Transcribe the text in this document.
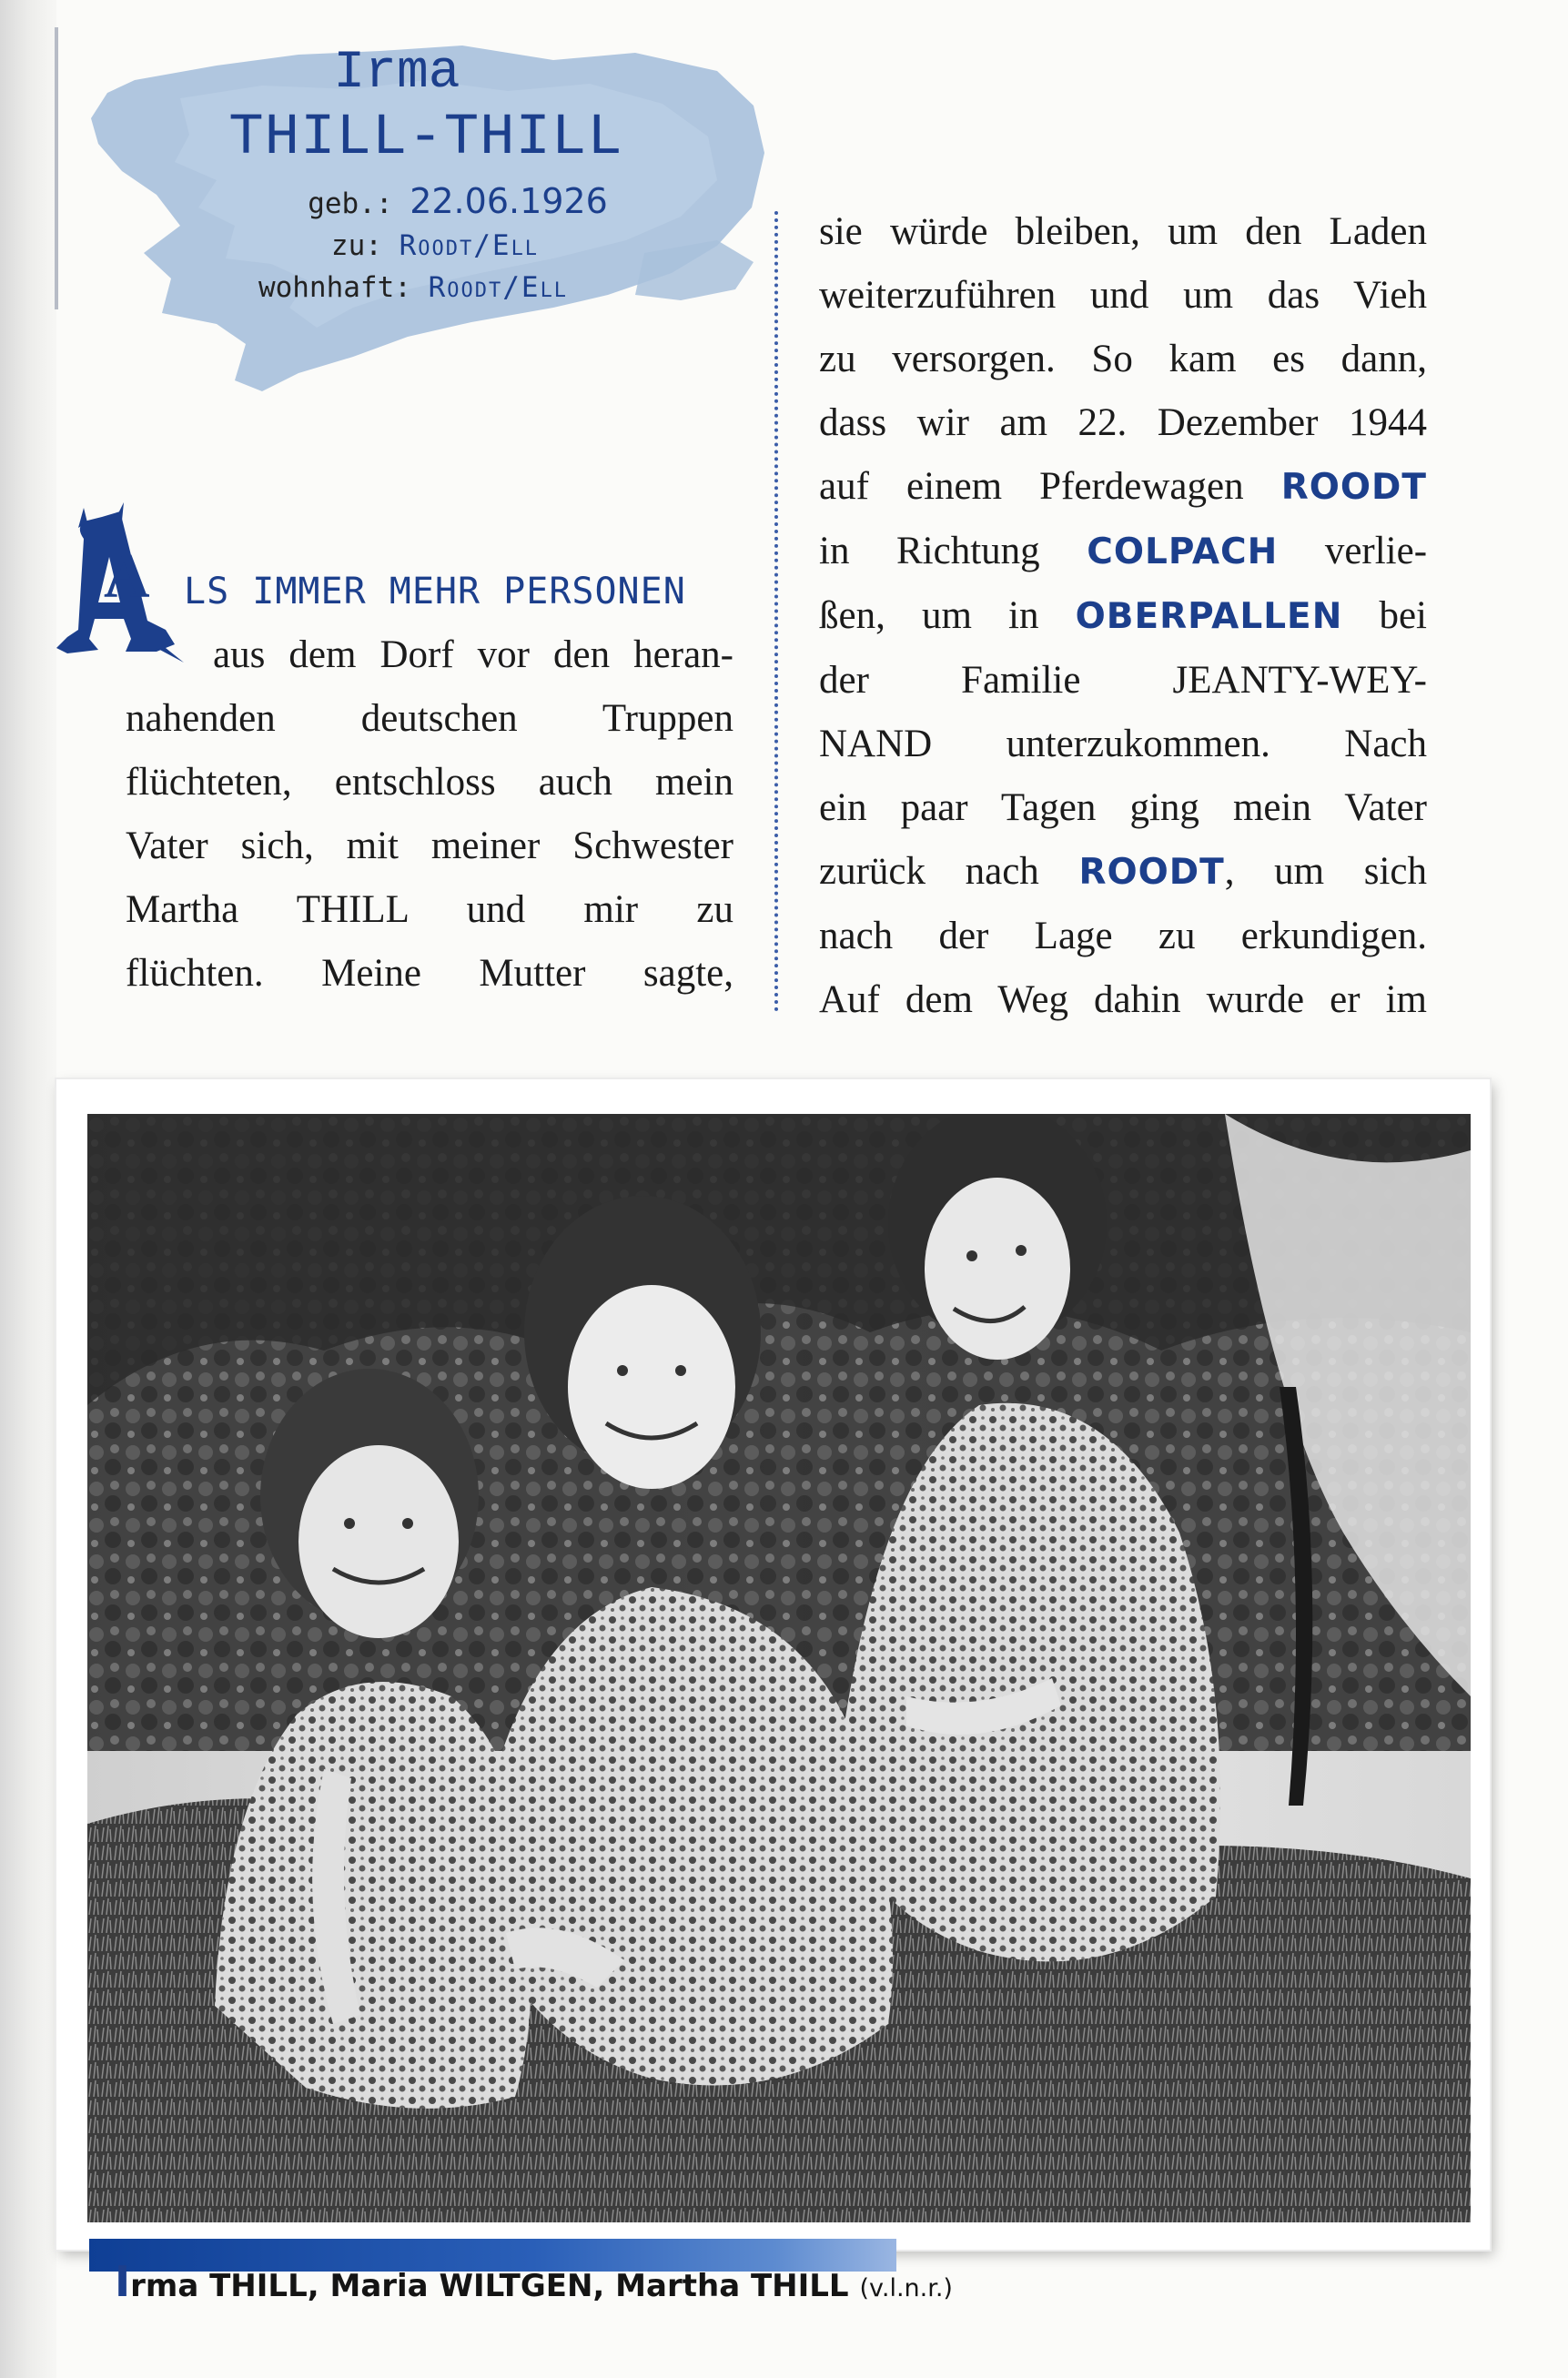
Irma
THILL-THILL
geb.: 22.06.1926
zu: Roodt/Ell
wohnhaft: Roodt/Ell
A LS IMMER MEHR PERSONEN
aus dem Dorf vor den heran-
nahenden deutschen Truppen
flüchteten, entschloss auch mein
Vater sich, mit meiner Schwester
Martha THILL und mir zu
flüchten. Meine Mutter sagte,
sie würde bleiben, um den Laden
weiterzuführen und um das Vieh
zu versorgen. So kam es dann,
dass wir am 22. Dezember 1944
auf einem Pferdewagen ROODT
in Richtung COLPACH verlie-
ßen, um in OBERPALLEN bei
der Familie JEANTY-WEY-
NAND unterzukommen. Nach
ein paar Tagen ging mein Vater
zurück nach ROODT, um sich
nach der Lage zu erkundigen.
Auf dem Weg dahin wurde er im
Irma THILL, Maria WILTGEN, Martha THILL (v.l.n.r.)
